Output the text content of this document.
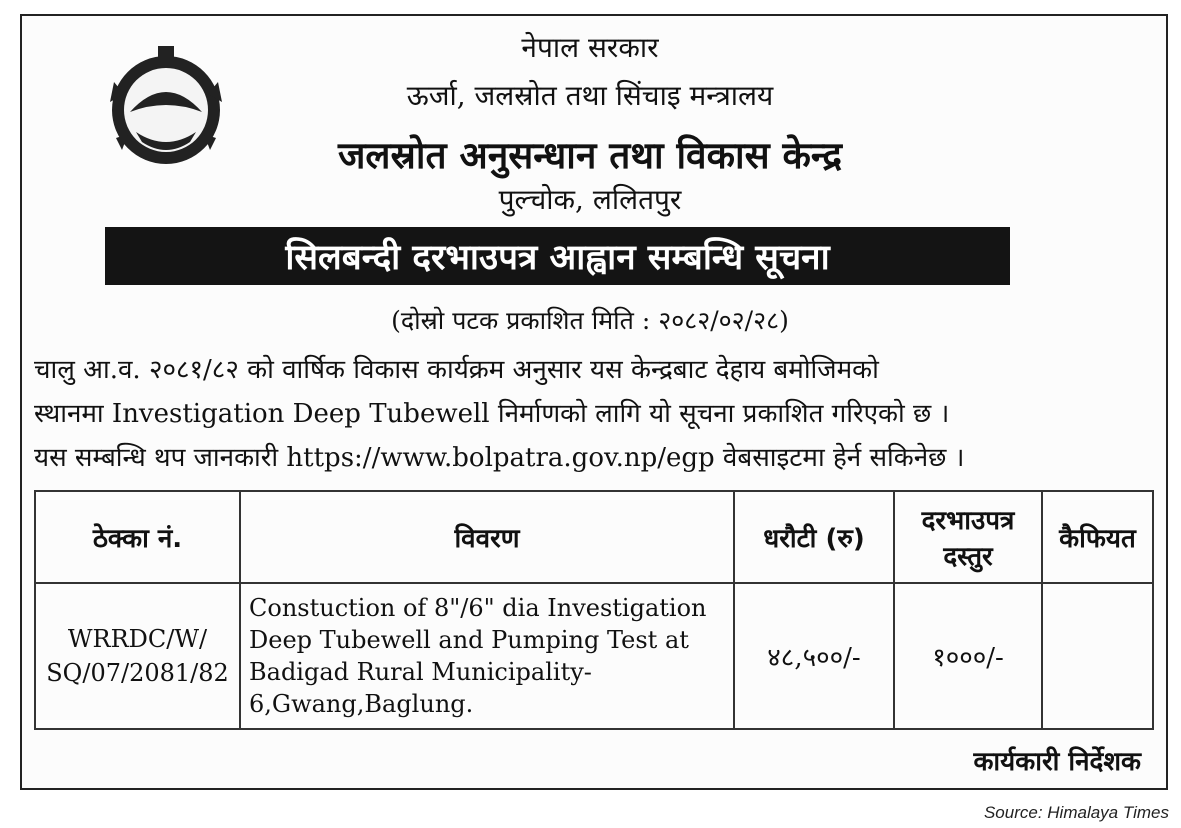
नेपाल सरकार
ऊर्जा, जलस्रोत तथा सिंचाइ मन्त्रालय
जलस्रोत अनुसन्धान तथा विकास केन्द्र
पुल्चोक, ललितपुर
सिलबन्दी दरभाउपत्र आह्वान सम्बन्धि सूचना
(दोस्रो पटक प्रकाशित मिति : २०८२/०२/२८)
चालु आ.व. २०८१/८२ को वार्षिक विकास कार्यक्रम अनुसार यस केन्द्रबाट देहाय बमोजिमको
स्थानमा Investigation Deep Tubewell निर्माणको लागि यो सूचना प्रकाशित गरिएको छ ।
यस सम्बन्धि थप जानकारी https://www.bolpatra.gov.np/egp वेबसाइटमा हेर्न सकिनेछ ।
ठेक्का नं.	विवरण	धरौटी (रु)	दरभाउपत्र दस्तुर	कैफियत
WRRDC/W/ SQ/07/2081/82	Constuction of 8"/6" dia Investigation Deep Tubewell and Pumping Test at Badigad Rural Municipality-6,Gwang,Baglung.	४८,५००/-	१०००/-	
कार्यकारी निर्देशक
Source: Himalaya Times
